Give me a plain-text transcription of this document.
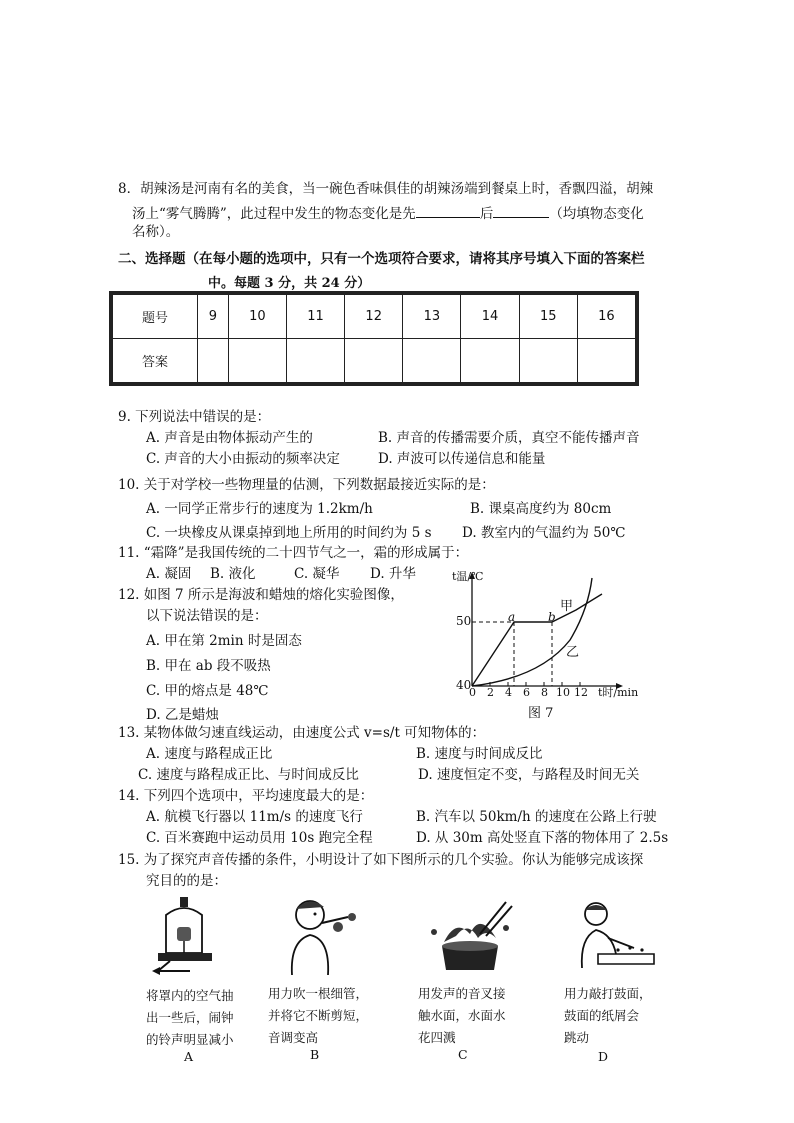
8．胡辣汤是河南有名的美食，当一碗色香味俱佳的胡辣汤端到餐桌上时，香飘四溢，胡辣
汤上“雾气腾腾”，此过程中发生的物态变化是先	后	（均填物态变化
名称）。
二、选择题（在每小题的选项中，只有一个选项符合要求，请将其序号填入下面的答案栏
中。每题 3 分，共 24 分）
题号	9	10	11	12	13	14	15	16
答案								
9. 下列说法中错误的是：
A. 声音是由物体振动产生的	B. 声音的传播需要介质，真空不能传播声音
C. 声音的大小由振动的频率决定	D. 声波可以传递信息和能量
10. 关于对学校一些物理量的估测，下列数据最接近实际的是：
A. 一同学正常步行的速度为 1.2km/h	B. 课桌高度约为 80cm
C. 一块橡皮从课桌掉到地上所用的时间约为 5 s D. 教室内的气温约为 50℃
11. “霜降”是我国传统的二十四节气之一，霜的形成属于：
A. 凝固 B. 液化	C. 凝华 D. 升华
12. 如图 7 所示是海波和蜡烛的熔化实验图像，
以下说法错误的是：
A. 甲在第 2min 时是固态
B. 甲在 ab 段不吸热
C. 甲的熔点是 48℃
D. 乙是蜡烛
t温/℃
50
40
0 2 4 6 8 10 12 t时/min
a	b
甲
乙
图 7
13. 某物体做匀速直线运动，由速度公式 v=s/t 可知物体的：
A. 速度与路程成正比	B. 速度与时间成反比
C. 速度与路程成正比、与时间成反比	D. 速度恒定不变，与路程及时间无关
14. 下列四个选项中，平均速度最大的是：
A. 航模飞行器以 11m/s 的速度飞行	B. 汽车以 50km/h 的速度在公路上行驶
C. 百米赛跑中运动员用 10s 跑完全程	D. 从 30m 高处竖直下落的物体用了 2.5s
15. 为了探究声音传播的条件，小明设计了如下图所示的几个实验。你认为能够完成该探
究目的的是：
将罩内的空气抽
出一些后，闹钟
的铃声明显减小
A
用力吹一根细管，
并将它不断剪短，
音调变高
B
用发声的音叉接
触水面，水面水
花四溅
C
用力敲打鼓面，
鼓面的纸屑会
跳动
D
